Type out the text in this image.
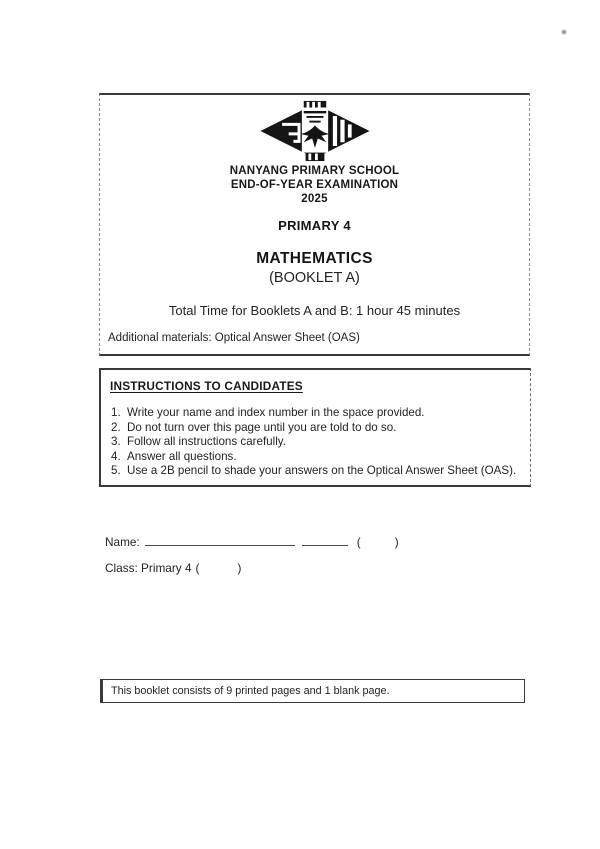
NANYANG PRIMARY SCHOOL
END-OF-YEAR EXAMINATION
2025
PRIMARY 4
MATHEMATICS
(BOOKLET A)
Total Time for Booklets A and B: 1 hour 45 minutes
Additional materials: Optical Answer Sheet (OAS)
INSTRUCTIONS TO CANDIDATES
Write your name and index number in the space provided.
Do not turn over this page until you are told to do so.
Follow all instructions carefully.
Answer all questions.
Use a 2B pencil to shade your answers on the Optical Answer Sheet (OAS).
Name:	(	)
Class: Primary 4 (	)
This booklet consists of 9 printed pages and 1 blank page.
